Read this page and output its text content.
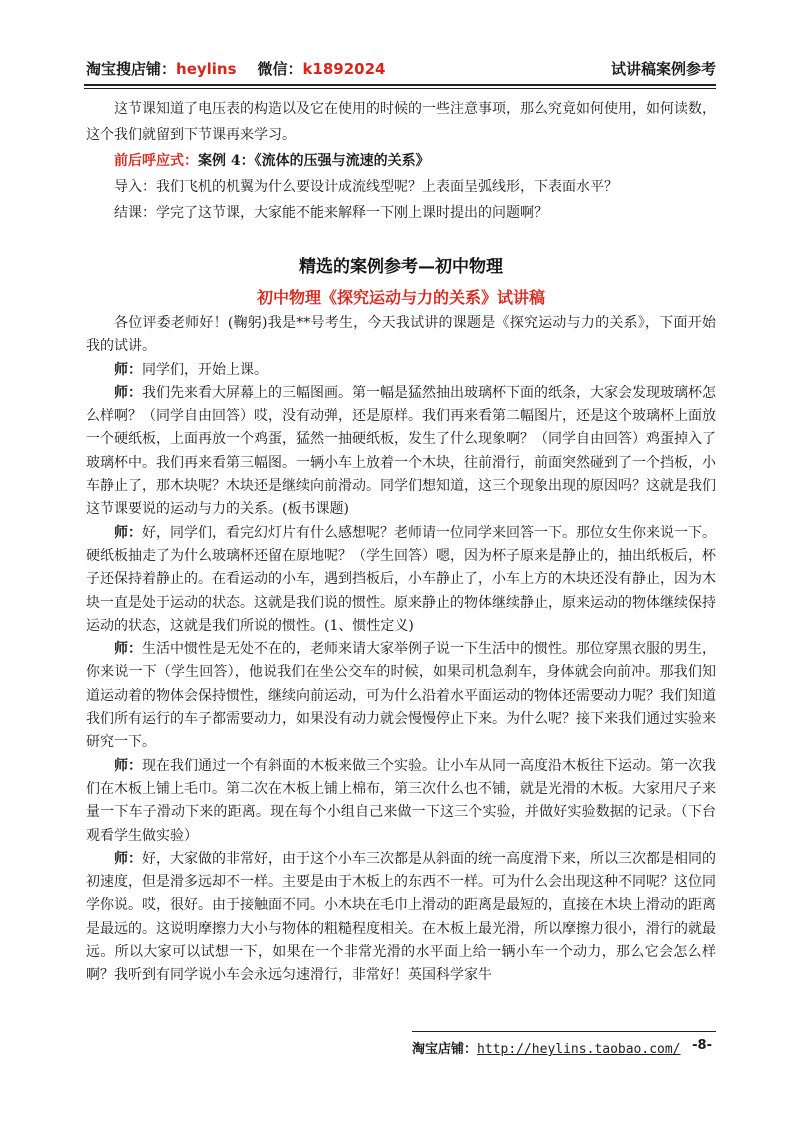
淘宝搜店铺：heylins 微信：k1892024	试讲稿案例参考

这节课知道了电压表的构造以及它在使用的时候的一些注意事项，那么究竟如何使用，如何读数，这个我们就留到下节课再来学习。

前后呼应式：案例 4：《流体的压强与流速的关系》

导入：我们飞机的机翼为什么要设计成流线型呢？上表面呈弧线形，下表面水平？

结课：学完了这节课，大家能不能来解释一下刚上课时提出的问题啊？

精选的案例参考—初中物理
初中物理《探究运动与力的关系》试讲稿

各位评委老师好！(鞠躬)我是**号考生，今天我试讲的课题是《探究运动与力的关系》，下面开始我的试讲。

师：同学们，开始上课。

师：我们先来看大屏幕上的三幅图画。第一幅是猛然抽出玻璃杯下面的纸条，大家会发现玻璃杯怎么样啊？（同学自由回答）哎，没有动弹，还是原样。我们再来看第二幅图片，还是这个玻璃杯上面放一个硬纸板，上面再放一个鸡蛋，猛然一抽硬纸板，发生了什么现象啊？（同学自由回答）鸡蛋掉入了玻璃杯中。我们再来看第三幅图。一辆小车上放着一个木块，往前滑行，前面突然碰到了一个挡板，小车静止了，那木块呢？木块还是继续向前滑动。同学们想知道，这三个现象出现的原因吗？这就是我们这节课要说的运动与力的关系。(板书课题)

师：好，同学们，看完幻灯片有什么感想呢？老师请一位同学来回答一下。那位女生你来说一下。硬纸板抽走了为什么玻璃杯还留在原地呢？（学生回答）嗯，因为杯子原来是静止的，抽出纸板后，杯子还保持着静止的。在看运动的小车，遇到挡板后，小车静止了，小车上方的木块还没有静止，因为木块一直是处于运动的状态。这就是我们说的惯性。原来静止的物体继续静止，原来运动的物体继续保持运动的状态，这就是我们所说的惯性。(1、惯性定义)

师：生活中惯性是无处不在的，老师来请大家举例子说一下生活中的惯性。那位穿黑衣服的男生，你来说一下（学生回答），他说我们在坐公交车的时候，如果司机急刹车，身体就会向前冲。那我们知道运动着的物体会保持惯性，继续向前运动，可为什么沿着水平面运动的物体还需要动力呢？我们知道我们所有运行的车子都需要动力，如果没有动力就会慢慢停止下来。为什么呢？接下来我们通过实验来研究一下。

师：现在我们通过一个有斜面的木板来做三个实验。让小车从同一高度沿木板往下运动。第一次我们在木板上铺上毛巾。第二次在木板上铺上棉布，第三次什么也不铺，就是光滑的木板。大家用尺子来量一下车子滑动下来的距离。现在每个小组自己来做一下这三个实验，并做好实验数据的记录。（下台观看学生做实验）

师：好，大家做的非常好，由于这个小车三次都是从斜面的统一高度滑下来，所以三次都是相同的初速度，但是滑多远却不一样。主要是由于木板上的东西不一样。可为什么会出现这种不同呢？这位同学你说。哎，很好。由于接触面不同。小木块在毛巾上滑动的距离是最短的，直接在木块上滑动的距离是最远的。这说明摩擦力大小与物体的粗糙程度相关。在木板上最光滑，所以摩擦力很小，滑行的就最远。所以大家可以试想一下，如果在一个非常光滑的水平面上给一辆小车一个动力，那么它会怎么样啊？我听到有同学说小车会永远匀速滑行，非常好！英国科学家牛

淘宝店铺：http://heylins.taobao.com/ -8-
